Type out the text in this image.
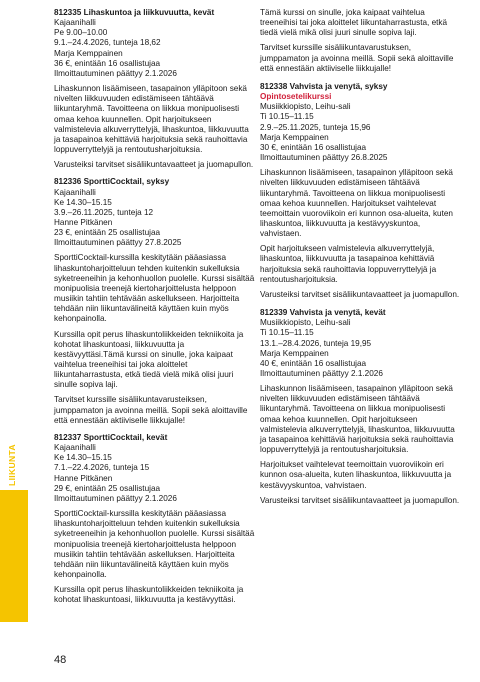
LIIKUNTA
812335 Lihaskuntoa ja liikkuvuutta, kevät
Kajaanihalli
Pe 9.00–10.00
9.1.–24.4.2026, tunteja 18,62
Marja Kemppainen
36 €, enintään 16 osallistujaa
Ilmoittautuminen päättyy 2.1.2026

Lihaskunnon lisäämiseen, tasapainon ylläpitoon sekä nivelten liikkuvuuden edistämiseen tähtäävä liikuntaryhmä. Tavoitteena on liikkua monipuolisesti omaa kehoa kuunnellen. Opit harjoitukseen valmistelevia alkuverryttelyjä, lihaskuntoa, liikkuvuutta ja tasapainoa kehittäviä harjoituksia sekä rauhoittavia loppuverryttelyjä ja rentoutusharjoituksia.

Varusteiksi tarvitset sisäliikuntavaatteet ja juomapullon.

812336 SporttiCocktail, syksy
Kajaanihalli
Ke 14.30–15.15
3.9.–26.11.2025, tunteja 12
Hanne Pitkänen
23 €, enintään 25 osallistujaa
Ilmoittautuminen päättyy 27.8.2025

SporttiCocktail-kurssilla keskitytään pääasiassa lihaskuntoharjoitteluun tehden kuitenkin sukelluksia syketreeneihin ja kehonhuollon puolelle. Kurssi sisältää monipuolisia treenejä kiertoharjoittelusta helppoon musiikin tahtiin tehtävään askellukseen. Harjoitteita tehdään niin liikuntavälineitä käyttäen kuin myös kehonpainolla.

Kurssilla opit perus lihaskuntoliikkeiden tekniikoita ja kohotat lihaskuntoasi, liikkuvuutta ja kestävyyttäsi.Tämä kurssi on sinulle, joka kaipaat vaihtelua treeneihisi tai joka aloittelet liikuntaharrastusta, etkä tiedä vielä mikä olisi juuri sinulle sopiva laji.

Tarvitset kurssille sisäliikuntavarusteiksen, jumppamaton ja avoinna meillä. Sopii sekä aloittaville että ennestään aktiiviselle liikkujalle!

812337 SporttiCocktail, kevät
Kajaanihalli
Ke 14.30–15.15
7.1.–22.4.2026, tunteja 15
Hanne Pitkänen
29 €, enintään 25 osallistujaa
Ilmoittautuminen päättyy 2.1.2026

SporttiCocktail-kurssilla keskitytään pääasiassa lihaskuntoharjoitteluun tehden kuitenkin sukelluksia syketreeneihin ja kehonhuollon puolelle. Kurssi sisältää monipuolisia treenejä kiertoharjoittelusta helppoon musiikin tahtiin tehtävään askelluksen. Harjoitteita tehdään niin liikuntavälineitä käyttäen kuin myös kehonpainolla.

Kurssilla opit perus lihaskuntoliikkeiden tekniikoita ja kohotat lihaskuntoasi, liikkuvuutta ja kestävyyttäsi.

Tämä kurssi on sinulle, joka kaipaat vaihtelua treeneihisi tai joka aloittelet liikuntaharrastusta, etkä tiedä vielä mikä olisi juuri sinulle sopiva laji.

Tarvitset kurssille sisäliikuntavarustuksen, jumppamaton ja avoinna meillä. Sopii sekä aloittaville että ennestään aktiiviselle liikkujalle!

812338 Vahvista ja venytä, syksy
Opintosetelikurssi
Musiikkiopisto, Leihu-sali
Ti 10.15–11.15
2.9.–25.11.2025, tunteja 15,96
Marja Kemppainen
30 €, enintään 16 osallistujaa
Ilmoittautuminen päättyy 26.8.2025

Lihaskunnon lisäämiseen, tasapainon ylläpitoon sekä nivelten liikkuvuuden edistämiseen tähtäävä liikuntaryhmä. Tavoitteena on liikkua monipuolisesti omaa kehoa kuunnellen. Harjoitukset vaihtelevat teemoittain vuoroviikoin eri kunnon osa-alueita, kuten lihaskuntoa, liikkuvuutta ja kestävyyskuntoa, vahvistaen.

Opit harjoitukseen valmistelevia alkuverryttelyjä, lihaskuntoa, liikkuvuutta ja tasapainoa kehittäviä harjoituksia sekä rauhoittavia loppuverryttelyjä ja rentoutusharjoituksia.

Varusteiksi tarvitset sisäliikuntavaatteet ja juomapullon.

812339 Vahvista ja venytä, kevät
Musiikkiopisto, Leihu-sali
Ti 10.15–11.15
13.1.–28.4.2026, tunteja 19,95
Marja Kemppainen
40 €, enintään 16 osallistujaa
Ilmoittautuminen päättyy 2.1.2026

Lihaskunnon lisäämiseen, tasapainon ylläpitoon sekä nivelten liikkuvuuden edistämiseen tähtäävä liikuntaryhmä. Tavoitteena on liikkua monipuolisesti omaa kehoa kuunnellen. Opit harjoitukseen valmistelevia alkuverryttelyjä, lihaskuntoa, liikkuvuutta ja tasapainoa kehittäviä harjoituksia sekä rauhoittavia loppuverryttelyjä ja rentoutusharjoituksia.

Harjoitukset vaihtelevat teemoittain vuoroviikoin eri kunnon osa-alueita, kuten lihaskuntoa, liikkuvuutta ja kestävyyskuntoa, vahvistaen.

Varusteiksi tarvitset sisäliikuntavaatteet ja juomapullon.

48
